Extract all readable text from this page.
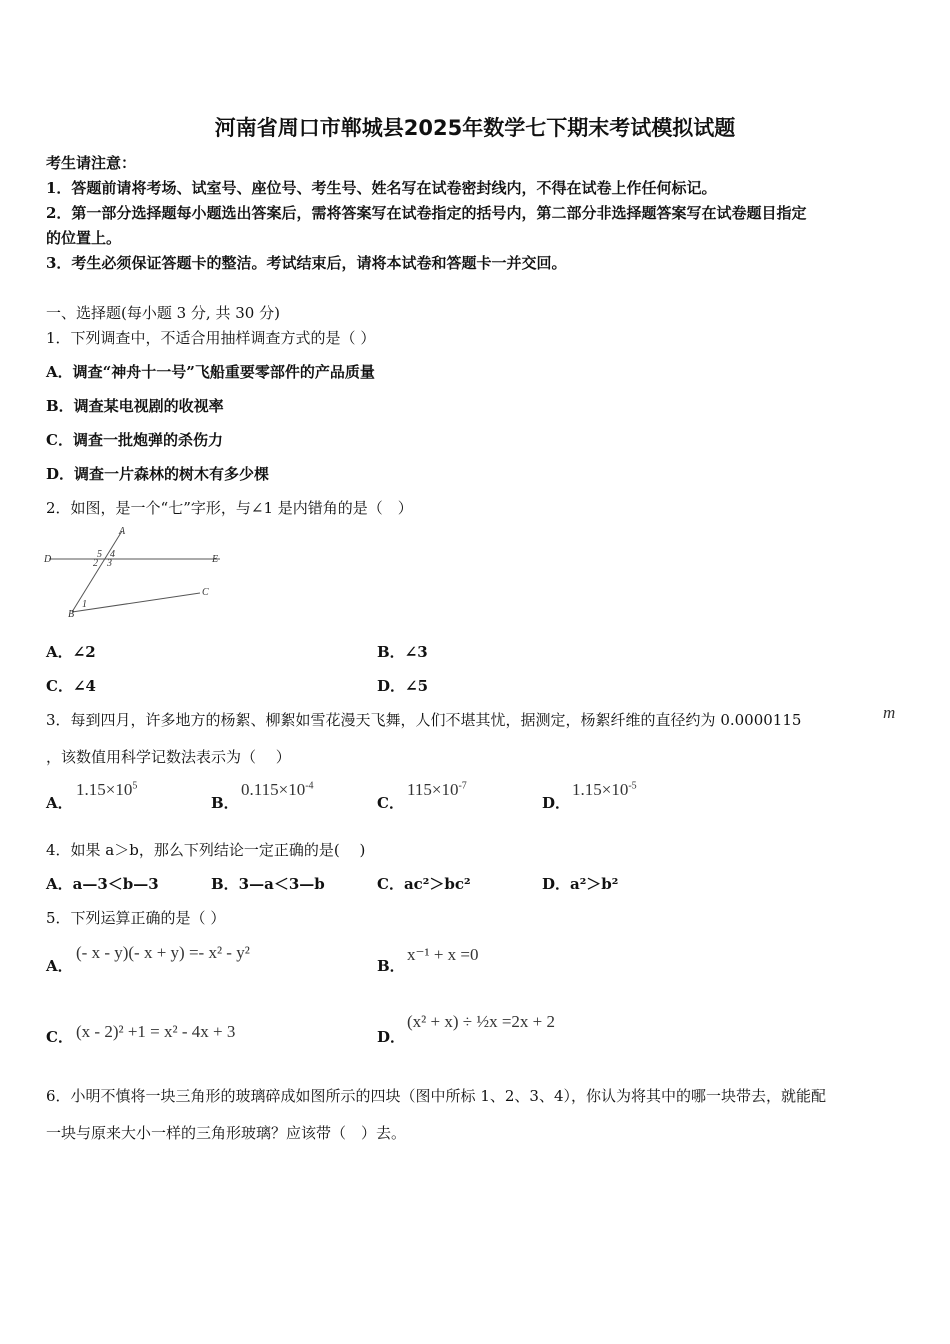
河南省周口市郸城县2025年数学七下期末考试模拟试题
考生请注意：
1．答题前请将考场、试室号、座位号、考生号、姓名写在试卷密封线内，不得在试卷上作任何标记。
2．第一部分选择题每小题选出答案后，需将答案写在试卷指定的括号内，第二部分非选择题答案写在试卷题目指定
的位置上。
3．考生必须保证答题卡的整洁。考试结束后，请将本试卷和答题卡一并交回。
一、选择题(每小题 3 分, 共 30 分)
1．下列调查中，不适合用抽样调查方式的是（ ）
A．调查“神舟十一号”飞船重要零部件的产品质量
B．调查某电视剧的收视率
C．调查一批炮弹的杀伤力
D．调查一片森林的树木有多少棵
2．如图，是一个“七”字形，与∠1 是内错角的是（　）
A
D	E
5 4
2 3
1
B
C
A．∠2	B．∠3
C．∠4	D．∠5
3．每到四月，许多地方的杨絮、柳絮如雪花漫天飞舞，人们不堪其忧，据测定，杨絮纤维的直径约为 0.0000115	m
，该数值用科学记数法表示为（　 ）
A．
$1.15\times 10^5$
B．
$0.115\times 10^{-4}$
C．
$115\times 10^{-7}$
D．
$1.15\times 10^{-5}$
4．如果 a＞b，那么下列结论一定正确的是(　 )
A．a—3＜b—3	B．3—a＜3—b	C．ac²＞bc²	D．a²＞b²
5．下列运算正确的是（ ）
A．
(- x - y)(- x + y) =- x² - y²
B．
x⁻¹ + x =0
C． (x - 2)² +1 = x² - 4x + 3	D．
(x² + x) ÷ ½x =2x + 2
6．小明不慎将一块三角形的玻璃碎成如图所示的四块（图中所标 1、2、3、4），你认为将其中的哪一块带去，就能配
一块与原来大小一样的三角形玻璃？应该带（　）去。
